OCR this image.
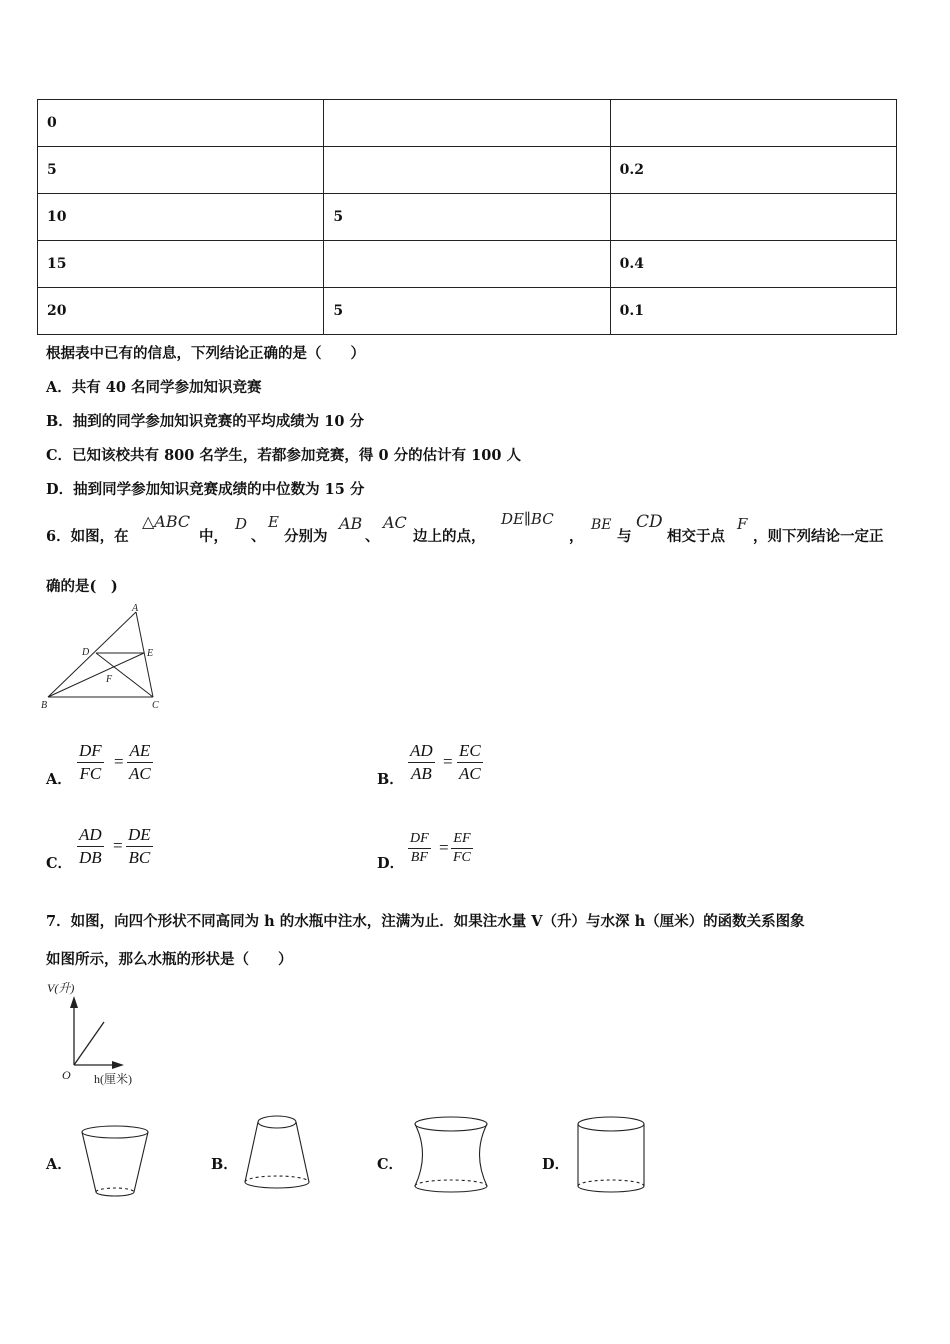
0		
5		0.2
10	5	
15		0.4
20	5	0.1
根据表中已有的信息，下列结论正确的是（　　）
A．共有 40 名同学参加知识竞赛
B．抽到的同学参加知识竞赛的平均成绩为 10 分
C．已知该校共有 800 名学生，若都参加竞赛，得 0 分的估计有 100 人
D．抽到同学参加知识竞赛成绩的中位数为 15 分
6．如图，在
△ABC
中，
D
、
E
分别为
AB
、
AC
边上的点，
DE∥BC
，
BE
与
CD
相交于点
F
，则下列结论一定正
确的是(　)
A
B	C
D	E
F
A． $\frac{DF}{FC} = \frac{AE}{AC}$	B． $\frac{AD}{AB} = \frac{EC}{AC}$
C． $\frac{AD}{DB} = \frac{DE}{BC}$	D． $\frac{DF}{BF} = \frac{EF}{FC}$
7．如图，向四个形状不同高同为 h 的水瓶中注水，注满为止．如果注水量 V（升）与水深 h（厘米）的函数关系图象
如图所示，那么水瓶的形状是（　　）
V(升)
O h(厘米)
A．	B．	C．	D．
